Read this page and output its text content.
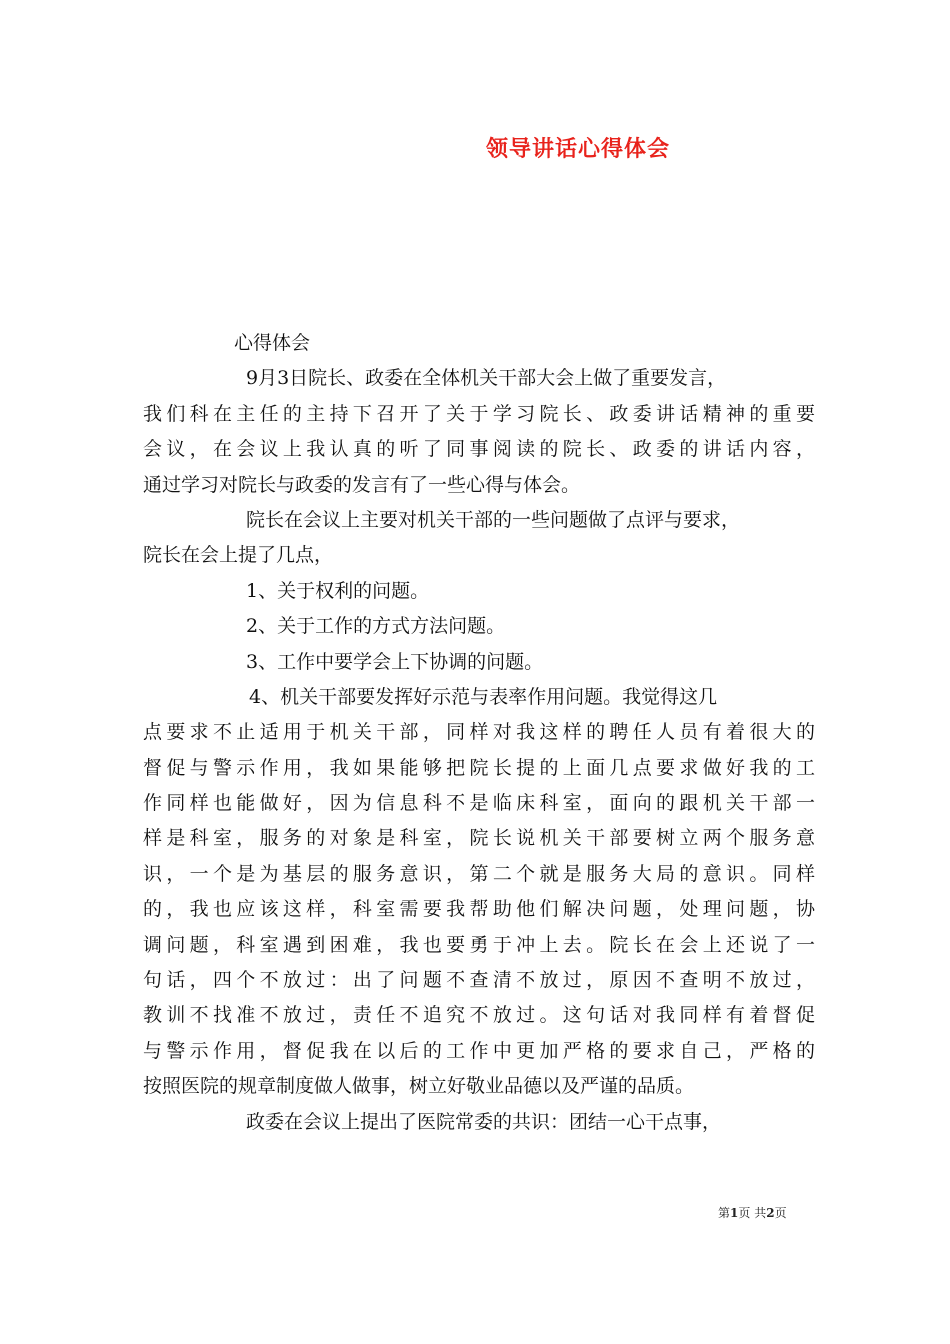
领导讲话心得体会
心得体会
9月3日院长、政委在全体机关干部大会上做了重要发言，
我们科在主任的主持下召开了关于学习院长、政委讲话精神的重要
会议，在会议上我认真的听了同事阅读的院长、政委的讲话内容，
通过学习对院长与政委的发言有了一些心得与体会。
院长在会议上主要对机关干部的一些问题做了点评与要求，
院长在会上提了几点，
1、关于权利的问题。
2、关于工作的方式方法问题。
3、工作中要学会上下协调的问题。
4、机关干部要发挥好示范与表率作用问题。我觉得这几
点要求不止适用于机关干部，同样对我这样的聘任人员有着很大的
督促与警示作用，我如果能够把院长提的上面几点要求做好我的工
作同样也能做好，因为信息科不是临床科室，面向的跟机关干部一
样是科室，服务的对象是科室，院长说机关干部要树立两个服务意
识，一个是为基层的服务意识，第二个就是服务大局的意识。同样
的，我也应该这样，科室需要我帮助他们解决问题，处理问题，协
调问题，科室遇到困难，我也要勇于冲上去。院长在会上还说了一
句话，四个不放过：出了问题不查清不放过，原因不查明不放过，
教训不找准不放过，责任不追究不放过。这句话对我同样有着督促
与警示作用，督促我在以后的工作中更加严格的要求自己，严格的
按照医院的规章制度做人做事，树立好敬业品德以及严谨的品质。
政委在会议上提出了医院常委的共识：团结一心干点事，
第1页 共2页
